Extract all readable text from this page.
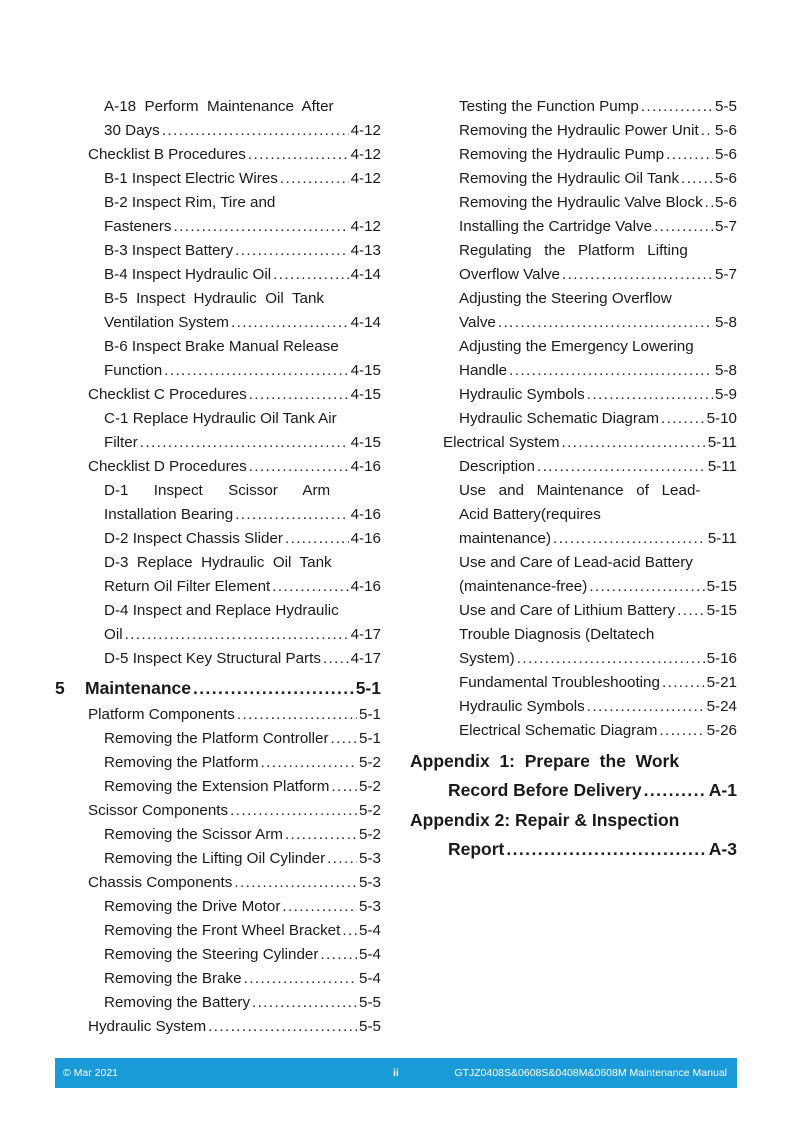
A-18  Perform  Maintenance  After
30 Days .....	4-12
Checklist B Procedures .....	4-12
B-1 Inspect Electric Wires .....	4-12
B-2 Inspect Rim, Tire and
Fasteners .....	4-12
B-3 Inspect Battery .....	4-13
B-4 Inspect Hydraulic Oil .....	4-14
B-5  Inspect  Hydraulic  Oil  Tank
Ventilation System .....	4-14
B-6 Inspect Brake Manual Release
Function .....	4-15
Checklist C Procedures .....	4-15
C-1 Replace Hydraulic Oil Tank Air
Filter .....	4-15
Checklist D Procedures .....	4-16
D-1      Inspect      Scissor      Arm
Installation Bearing .....	4-16
D-2 Inspect Chassis Slider .....	4-16
D-3  Replace  Hydraulic  Oil  Tank
Return Oil Filter Element .....	4-16
D-4 Inspect and Replace Hydraulic
Oil .....	4-17
D-5 Inspect Key Structural Parts ..... 4-17
5 Maintenance .....	5-1
Platform Components .....	5-1
Removing the Platform Controller ..... 5-1
Removing the Platform .....	5-2
Removing the Extension Platform ..... 5-2
Scissor Components .....	5-2
Removing the Scissor Arm .....	5-2
Removing the Lifting Oil Cylinder ..... 5-3
Chassis Components .....	5-3
Removing the Drive Motor .....	5-3
Removing the Front Wheel Bracket ..... 5-4
Removing the Steering Cylinder .....	5-4
Removing the Brake .....	5-4
Removing the Battery .....	5-5
Hydraulic System .....	5-5
Testing the Function Pump .....	5-5
Removing the Hydraulic Power Unit ..... 5-6
Removing the Hydraulic Pump .....	5-6
Removing the Hydraulic Oil Tank ..... 5-6
Removing the Hydraulic Valve Block ..... 5-6
Installing the Cartridge Valve .....	5-7
Regulating   the   Platform   Lifting
Overflow Valve .....	5-7
Adjusting the Steering Overflow
Valve .....	5-8
Adjusting the Emergency Lowering
Handle .....	5-8
Hydraulic Symbols .....	5-9
Hydraulic Schematic Diagram .....	5-10
Electrical System .....	5-11
Description .....	5-11
Use   and   Maintenance   of   Lead-
Acid Battery(requires
maintenance) .....	5-11
Use and Care of Lead-acid Battery
(maintenance-free) .....	5-15
Use and Care of Lithium Battery ..... 5-15
Trouble Diagnosis (Deltatech
System) .....	5-16
Fundamental Troubleshooting .....	5-21
Hydraulic Symbols .....	5-24
Electrical Schematic Diagram .....	5-26
Appendix  1:  Prepare  the  Work
Record Before Delivery .....	A-1
Appendix 2: Repair & Inspection
Report .....	A-3
© Mar 2021	ii	GTJZ0408S&0608S&0408M&0608M Maintenance Manual
